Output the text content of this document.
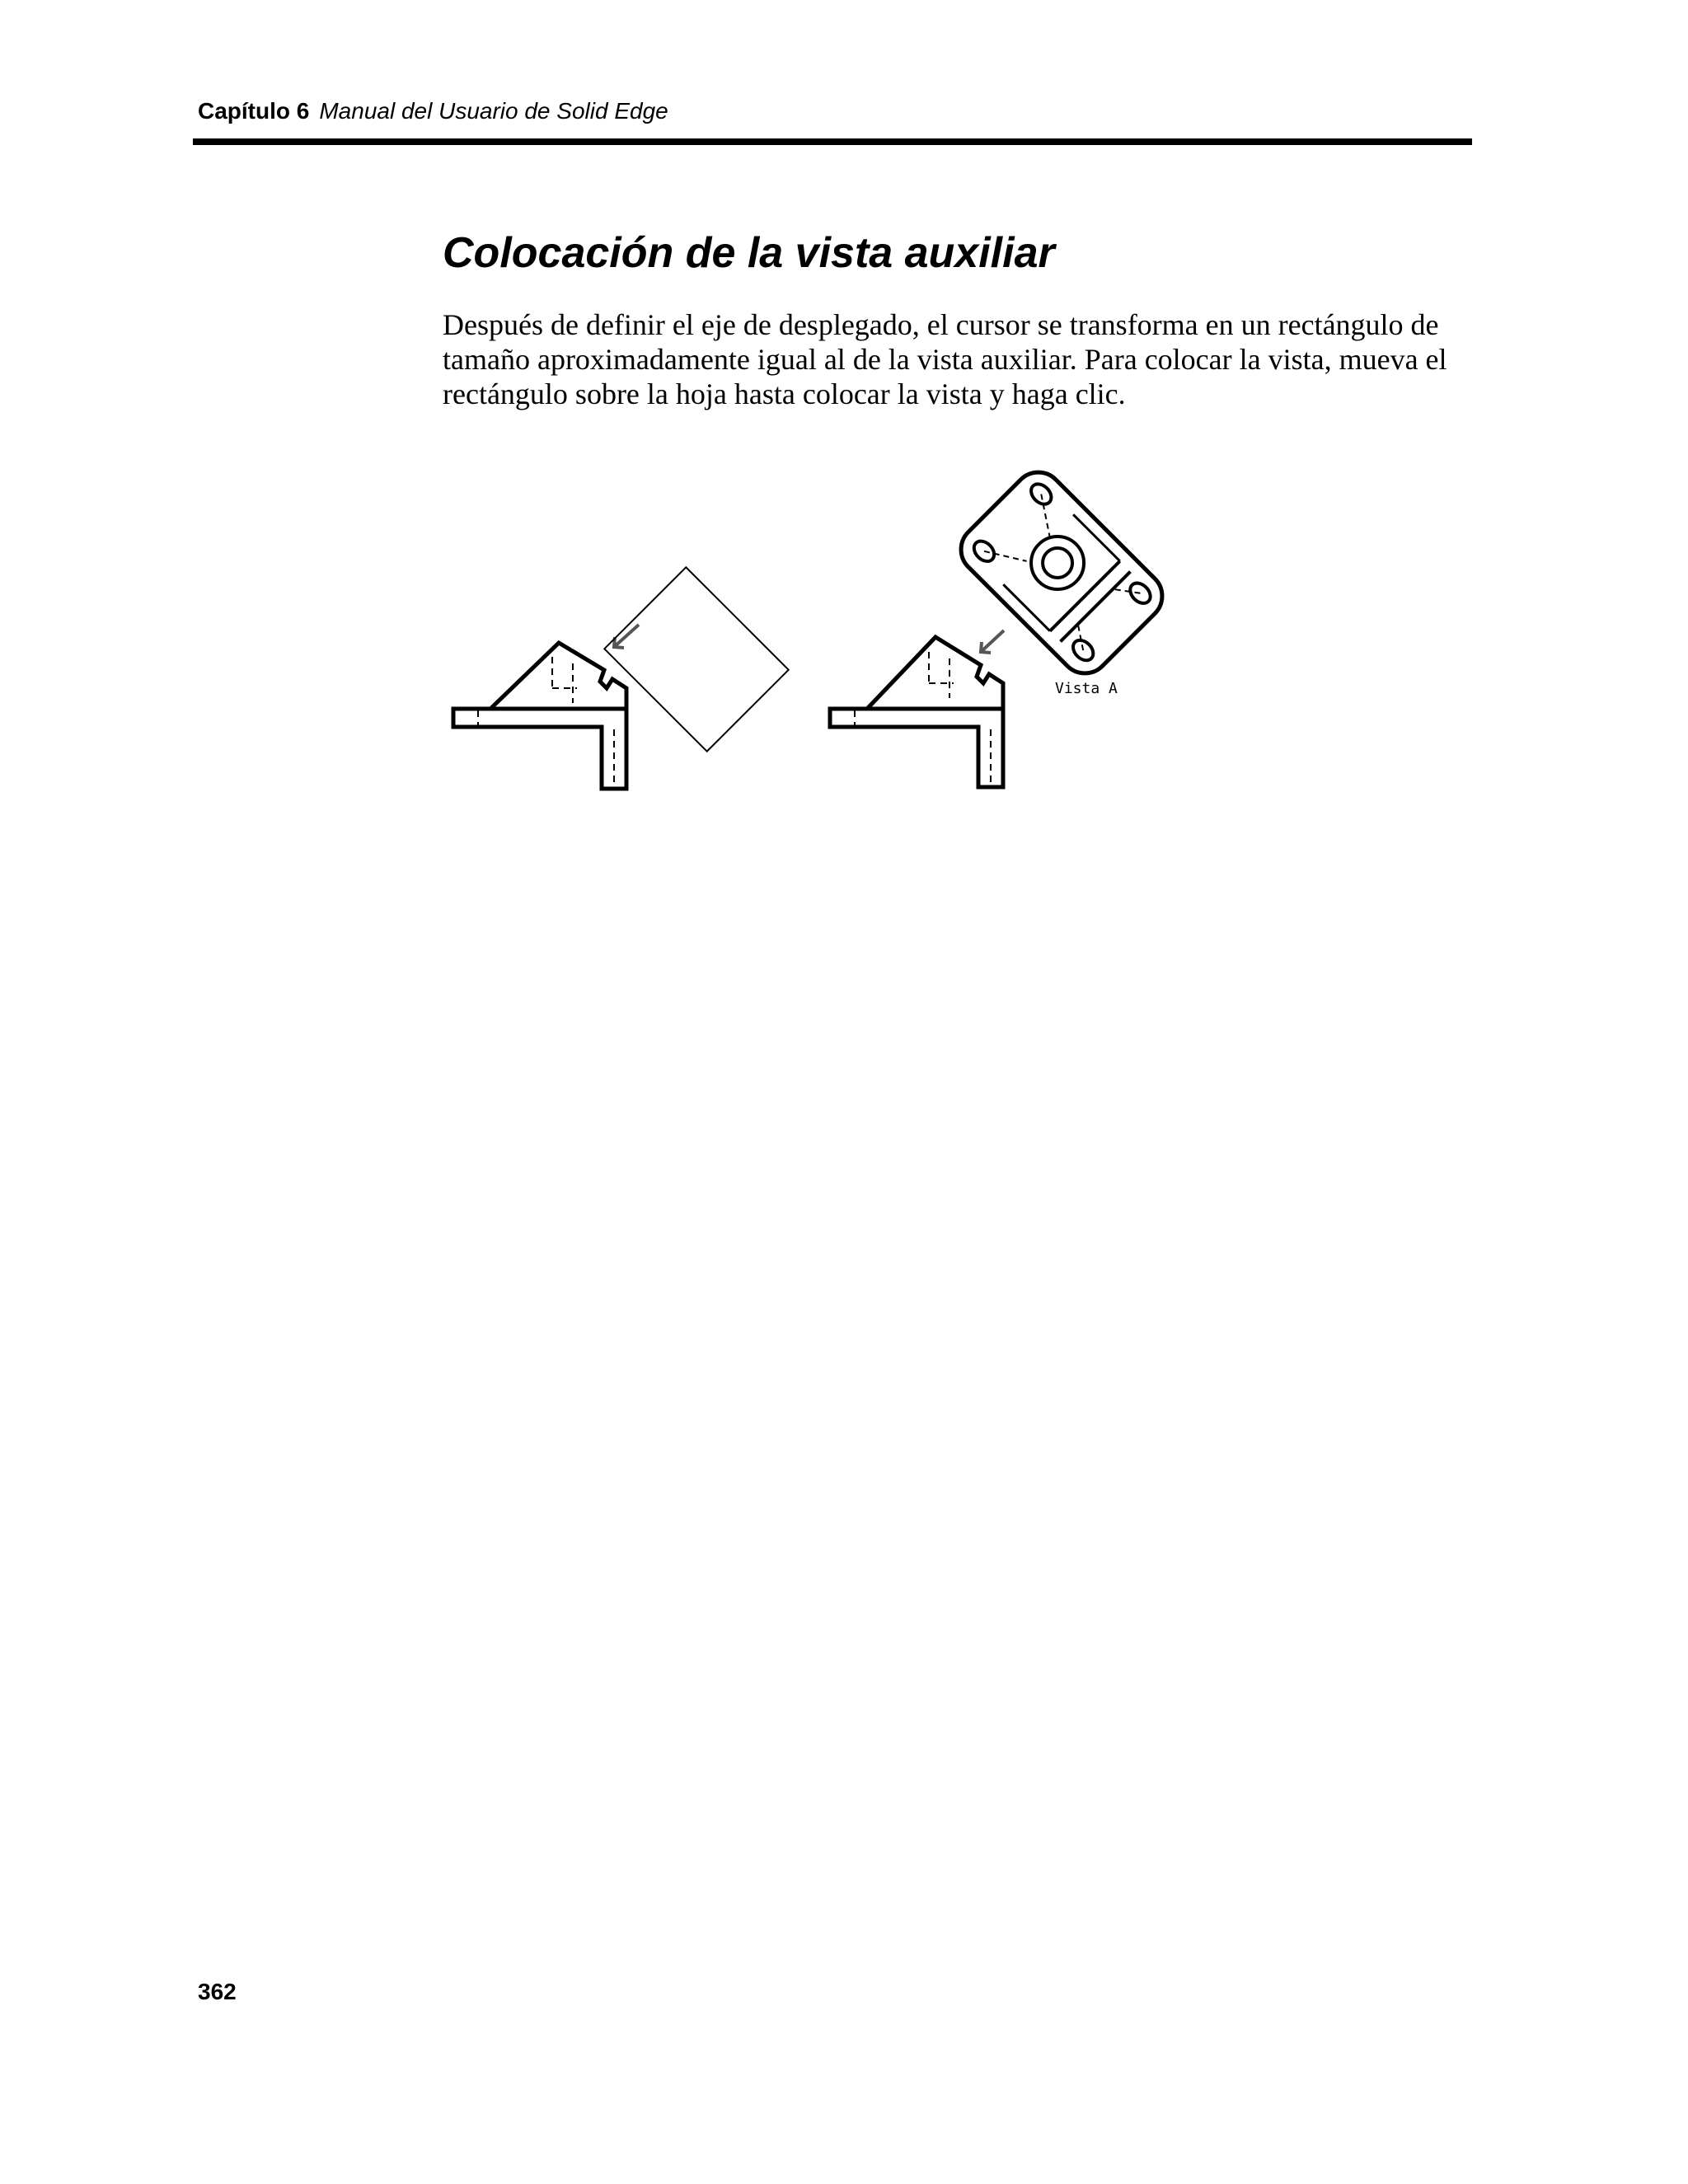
Capítulo 6 Manual del Usuario de Solid Edge
Colocación de la vista auxiliar

Después de definir el eje de desplegado, el cursor se transforma en un rectángulo de tamaño aproximadamente igual al de la vista auxiliar. Para colocar la vista, mueva el rectángulo sobre la hoja hasta colocar la vista y haga clic.

Vista A
362
